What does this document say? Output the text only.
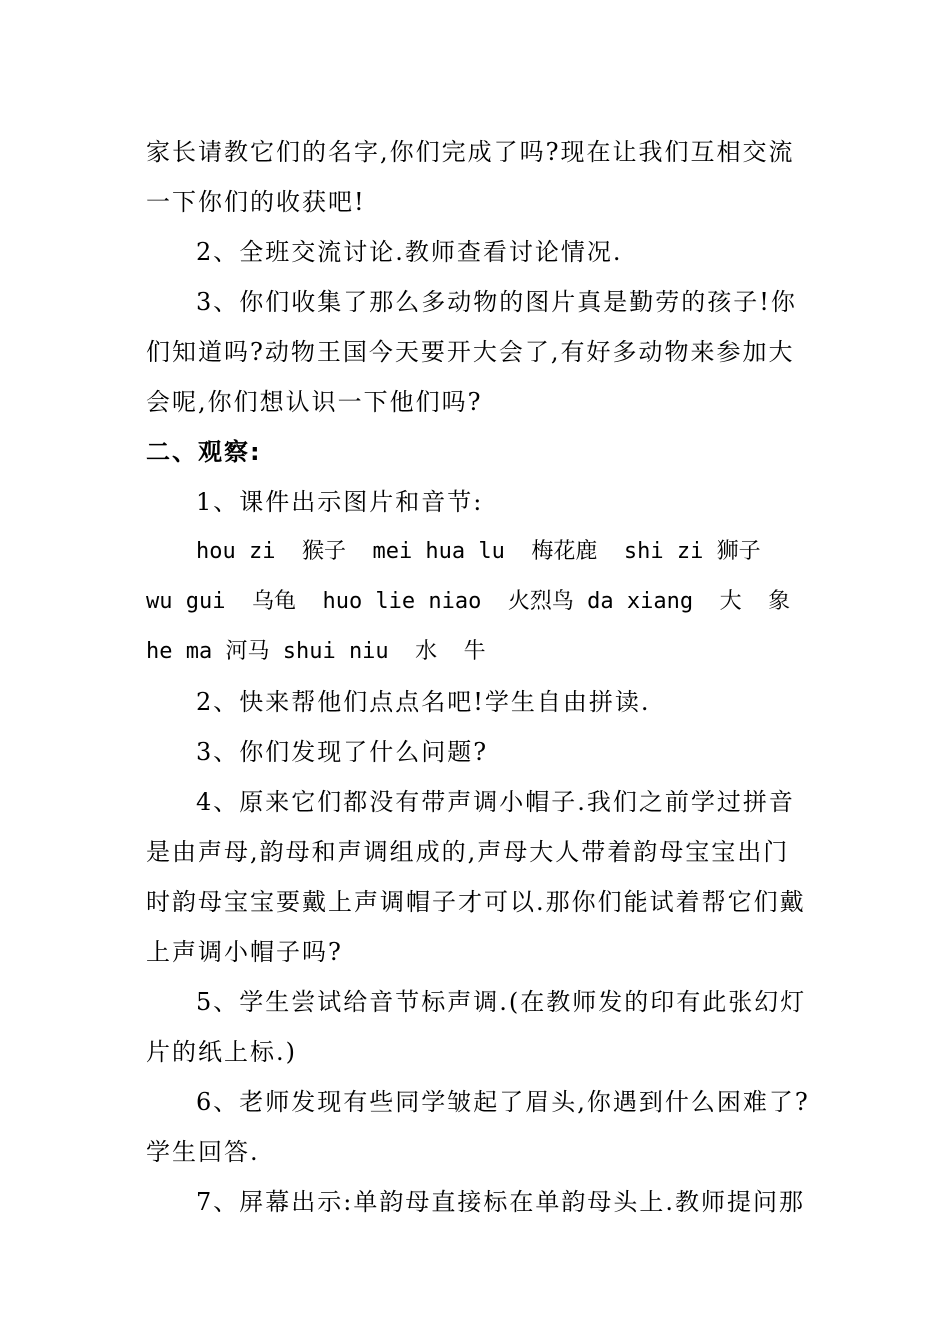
家长请教它们的名字,你们完成了吗?现在让我们互相交流一下你们的收获吧!
2、全班交流讨论.教师查看讨论情况.
3、你们收集了那么多动物的图片真是勤劳的孩子!你们知道吗?动物王国今天要开大会了,有好多动物来参加大会呢,你们想认识一下他们吗?
二、观察:
1、课件出示图片和音节:
hou zi  猴子  mei hua lu  梅花鹿  shi zi 狮子   wu gui  乌龟  huo lie niao  火烈鸟 da xiang  大  象  he ma 河马 shui niu  水  牛
2、快来帮他们点点名吧!学生自由拼读.
3、你们发现了什么问题?
4、原来它们都没有带声调小帽子.我们之前学过拼音是由声母,韵母和声调组成的,声母大人带着韵母宝宝出门时韵母宝宝要戴上声调帽子才可以.那你们能试着帮它们戴上声调小帽子吗?
5、学生尝试给音节标声调.(在教师发的印有此张幻灯片的纸上标.)
6、老师发现有些同学皱起了眉头,你遇到什么困难了?学生回答.
7、屏幕出示:单韵母直接标在单韵母头上.教师提问那
